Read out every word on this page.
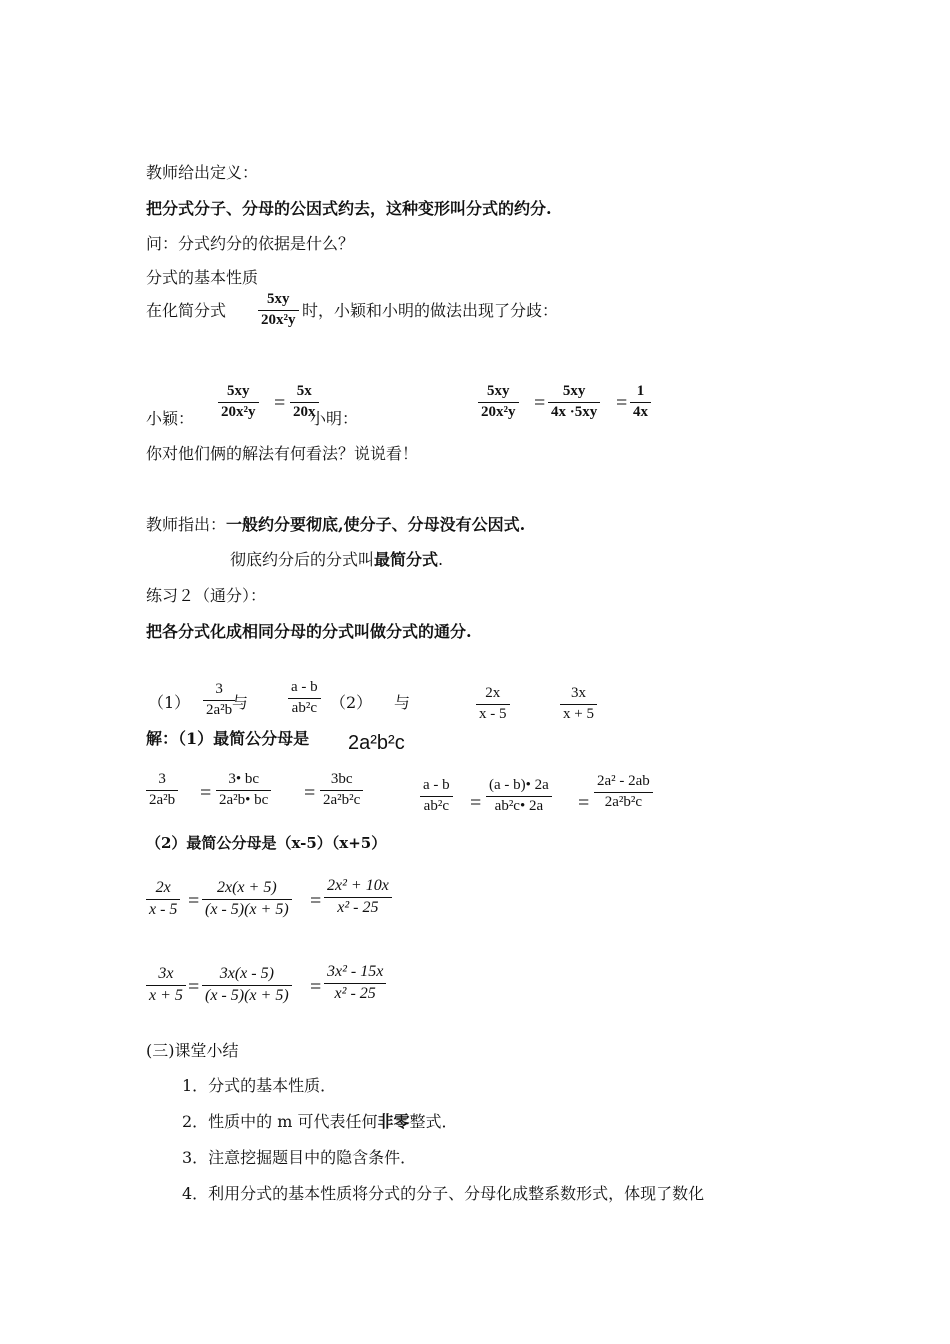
教师给出定义：
把分式分子、分母的公因式约去，这种变形叫分式的约分.
问：分式约分的依据是什么？
分式的基本性质
在化简分式
5xy
20x²y 时，小颖和小明的做法出现了分歧：
小颖：
5xy
20x²y =
5x
20x
小明：
5xy
20x²y =
5xy
4x ·5xy =
1
4x
你对他们俩的解法有何看法？说说看！
教师指出：一般约分要彻底,使分子、分母没有公因式.
彻底约分后的分式叫最简分式.
练习２（通分）：
把各分式化成相同分母的分式叫做分式的通分.
（1）
3
2a²b 与
a - b
ab²c （2） 与	2x
x - 5
3x
x + 5
解：（1）最简公分母是 2a²b²c
3
2a²b =
3• bc
2a²b• bc =
3bc
2a²b²c
a - b
ab²c =
(a - b)• 2a
ab²c• 2a =
2a² - 2ab
2a²b²c
（2）最简公分母是（x-5）（x+5）
2x
x - 5 =
2x(x + 5)
(x - 5)(x + 5) =
2x² + 10x
x² - 25
3x
x + 5 =
3x(x - 5)
(x - 5)(x + 5) =
3x² - 15x
x² - 25
(三)课堂小结
1．分式的基本性质．
2．性质中的 m 可代表任何非零整式．
3．注意挖掘题目中的隐含条件．
4．利用分式的基本性质将分式的分子、分母化成整系数形式，体现了数化
